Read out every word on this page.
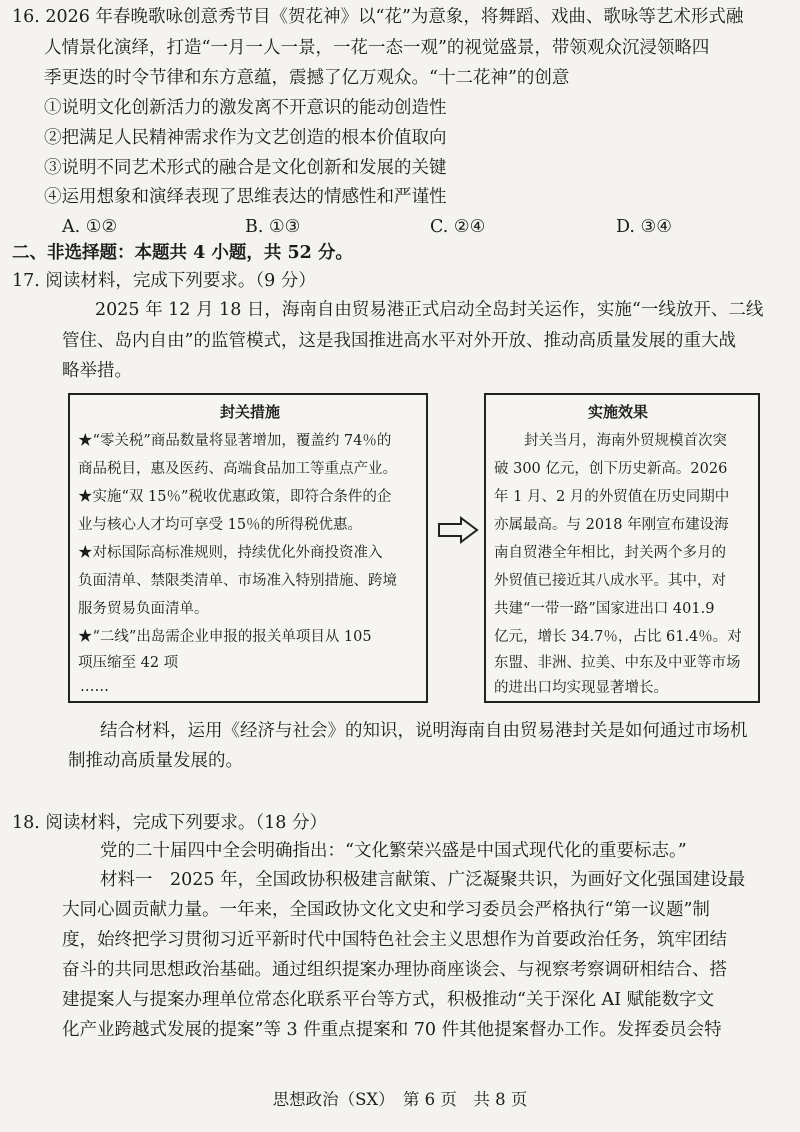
16. 2026 年春晚歌咏创意秀节目《贺花神》以“花”为意象，将舞蹈、戏曲、歌咏等艺术形式融
人情景化演绎，打造“一月一人一景，一花一态一观”的视觉盛景，带领观众沉浸领略四
季更迭的时令节律和东方意蕴，震撼了亿万观众。“十二花神”的创意
①说明文化创新活力的激发离不开意识的能动创造性
②把满足人民精神需求作为文艺创造的根本价值取向
③说明不同艺术形式的融合是文化创新和发展的关键
④运用想象和演绎表现了思维表达的情感性和严谨性
A. ①②	B. ①③	C. ②④	D. ③④
二、非选择题：本题共 4 小题，共 52 分。
17. 阅读材料，完成下列要求。（9 分）
2025 年 12 月 18 日，海南自由贸易港正式启动全岛封关运作，实施“一线放开、二线
管住、岛内自由”的监管模式，这是我国推进高水平对外开放、推动高质量发展的重大战
略举措。
封关措施
★“零关税”商品数量将显著增加，覆盖约 74％的
商品税目，惠及医药、高端食品加工等重点产业。
★实施“双 15％”税收优惠政策，即符合条件的企
业与核心人才均可享受 15％的所得税优惠。
★对标国际高标准规则，持续优化外商投资准入
负面清单、禁限类清单、市场准入特别措施、跨境
服务贸易负面清单。
★“二线”出岛需企业申报的报关单项目从 105
项压缩至 42 项
……
实施效果
封关当月，海南外贸规模首次突
破 300 亿元，创下历史新高。2026
年 1 月、2 月的外贸值在历史同期中
亦属最高。与 2018 年刚宣布建设海
南自贸港全年相比，封关两个多月的
外贸值已接近其八成水平。其中，对
共建“一带一路”国家进出口 401.9
亿元，增长 34.7％，占比 61.4％。对
东盟、非洲、拉美、中东及中亚等市场
的进出口均实现显著增长。
结合材料，运用《经济与社会》的知识，说明海南自由贸易港封关是如何通过市场机
制推动高质量发展的。
18. 阅读材料，完成下列要求。（18 分）
党的二十届四中全会明确指出：“文化繁荣兴盛是中国式现代化的重要标志。”
材料一　2025 年，全国政协积极建言献策、广泛凝聚共识，为画好文化强国建设最
大同心圆贡献力量。一年来，全国政协文化文史和学习委员会严格执行“第一议题”制
度，始终把学习贯彻习近平新时代中国特色社会主义思想作为首要政治任务，筑牢团结
奋斗的共同思想政治基础。通过组织提案办理协商座谈会、与视察考察调研相结合、搭
建提案人与提案办理单位常态化联系平台等方式，积极推动“关于深化 AI 赋能数字文
化产业跨越式发展的提案”等 3 件重点提案和 70 件其他提案督办工作。发挥委员会特
思想政治（SX）　第 6 页　共 8 页
